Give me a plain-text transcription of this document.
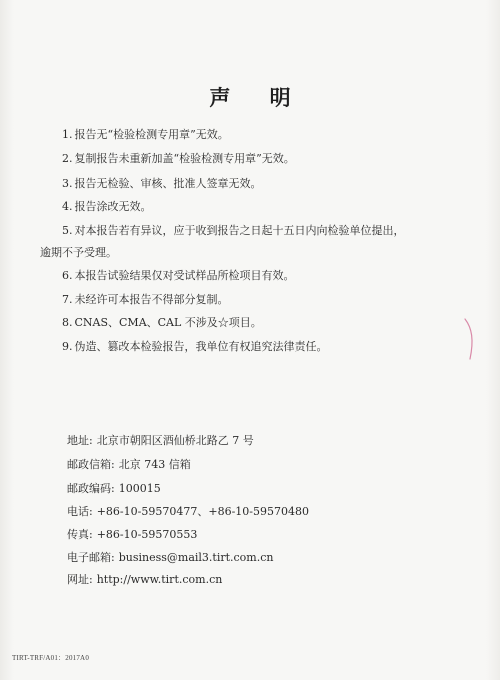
声 明
1. 报告无“检验检测专用章”无效。
2. 复制报告未重新加盖“检验检测专用章”无效。
3. 报告无检验、审核、批准人签章无效。
4. 报告涂改无效。
5. 对本报告若有异议，应于收到报告之日起十五日内向检验单位提出，
逾期不予受理。
6. 本报告试验结果仅对受试样品所检项目有效。
7. 未经许可本报告不得部分复制。
8. CNAS、CMA、CAL 不涉及☆项目。
9. 伪造、篡改本检验报告，我单位有权追究法律责任。
地址: 北京市朝阳区酒仙桥北路乙 7 号
邮政信箱: 北京 743 信箱
邮政编码: 100015
电话: +86-10-59570477、+86-10-59570480
传真: +86-10-59570553
电子邮箱: business@mail3.tirt.com.cn
网址: http://www.tirt.com.cn
TIRT-TRF/A01：2017A0
